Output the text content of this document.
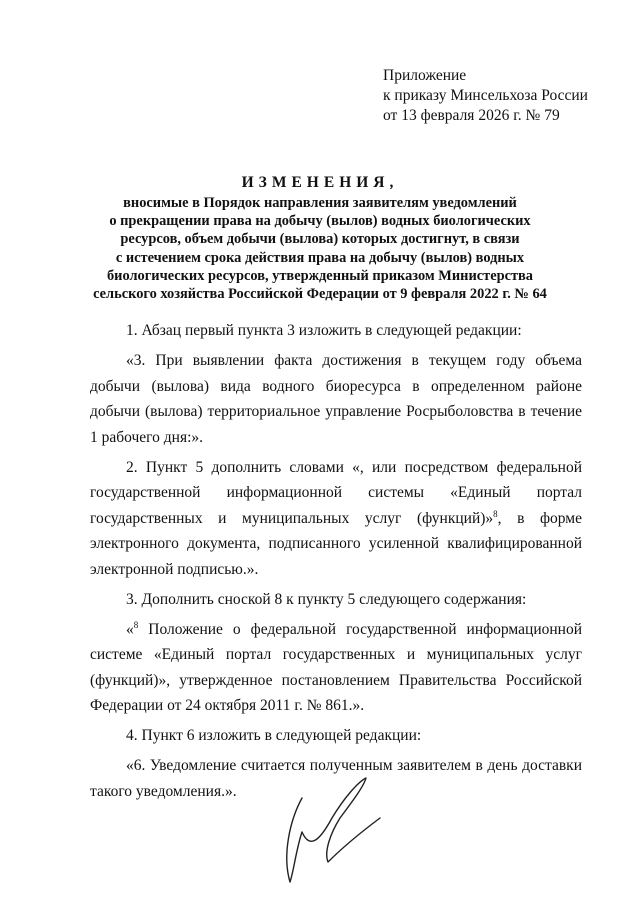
Приложение
к приказу Минсельхоза России
от 13 февраля 2026 г. № 79
ИЗМЕНЕНИЯ,
вносимые в Порядок направления заявителям уведомлений
о прекращении права на добычу (вылов) водных биологических
ресурсов, объем добычи (вылова) которых достигнут, в связи
с истечением срока действия права на добычу (вылов) водных
биологических ресурсов, утвержденный приказом Министерства
сельского хозяйства Российской Федерации от 9 февраля 2022 г. № 64

1. Абзац первый пункта 3 изложить в следующей редакции:

«3. При выявлении факта достижения в текущем году объема добычи (вылова) вида водного биоресурса в определенном районе добычи (вылова) территориальное управление Росрыболовства в течение 1 рабочего дня:».

2. Пункт 5 дополнить словами «, или посредством федеральной
государственной информационной системы «Единый портал
государственных и муниципальных услуг (функций)»$^8$, в форме
электронного документа, подписанного усиленной квалифицированной
электронной подписью.».

3. Дополнить сноской 8 к пункту 5 следующего содержания:

«$^8$ Положение о федеральной государственной информационной системе «Единый портал государственных и муниципальных услуг (функций)», утвержденное постановлением Правительства Российской Федерации от 24 октября 2011 г. № 861.».

4. Пункт 6 изложить в следующей редакции:

«6. Уведомление считается полученным заявителем в день доставки такого уведомления.».
